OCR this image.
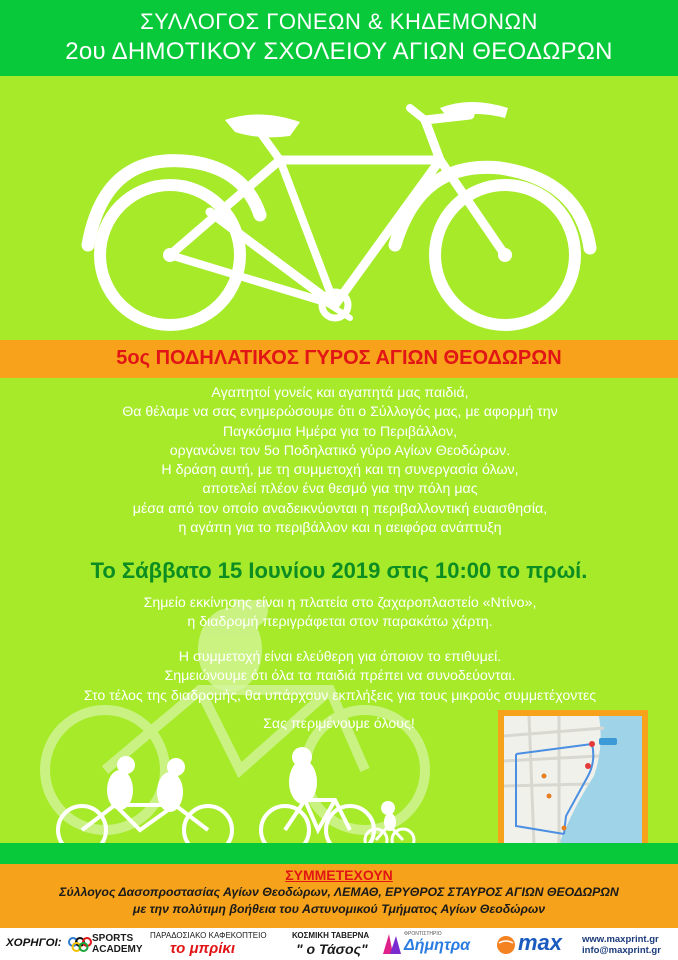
ΣΥΛΛΟΓΟΣ ΓΟΝΕΩΝ & ΚΗΔΕΜΟΝΩΝ
2ου ΔΗΜΟΤΙΚΟΥ ΣΧΟΛΕΙΟΥ ΑΓΙΩΝ ΘΕΟΔΩΡΩΝ
5ος ΠΟΔΗΛΑΤΙΚΟΣ ΓΥΡΟΣ ΑΓΙΩΝ ΘΕΟΔΩΡΩΝ
Αγαπητοί γονείς και αγαπητά μας παιδιά,
Θα θέλαμε να σας ενημερώσουμε ότι ο Σύλλογός μας, με αφορμή την
Παγκόσμια Ημέρα για το Περιβάλλον,
οργανώνει τον 5ο Ποδηλατικό γύρο Αγίων Θεοδώρων.
Η δράση αυτή, με τη συμμετοχή και τη συνεργασία όλων,
αποτελεί πλέον ένα θεσμό για την πόλη μας
μέσα από τον οποίο αναδεικνύονται η περιβαλλοντική ευαισθησία,
η αγάπη για το περιβάλλον και η αειφόρα ανάπτυξη
Το Σάββατο 15 Ιουνίου 2019 στις 10:00 το πρωί.
Σημείο εκκίνησης είναι η πλατεία στο ζαχαροπλαστείο «Ντίνο»,
η διαδρομή περιγράφεται στον παρακάτω χάρτη.
Η συμμετοχή είναι ελεύθερη για όποιον το επιθυμεί.
Σημειώνουμε ότι όλα τα παιδιά πρέπει να συνοδεύονται.
Στο τέλος της διαδρομής, θα υπάρχουν εκπλήξεις για τους μικρούς συμμετέχοντες
Σας περιμένουμε όλους!
ΣΥΜΜΕΤΕΧΟΥΝ
Σύλλογος Δασοπροστασίας Αγίων Θεοδώρων, ΛΕΜΑΘ, ΕΡΥΘΡΟΣ ΣΤΑΥΡΟΣ ΑΓΙΩΝ ΘΕΟΔΩΡΩΝ
με την πολύτιμη βοήθεια του Αστυνομικού Τμήματος Αγίων Θεοδώρων
ΧΟΡΗΓΟΙ:	SPORTS
ACADEMY
ΠΑΡΑΔΟΣΙΑΚΟ ΚΑΦΕΚΟΠΤΕΙΟ
το μπρίκι
ΚΟΣΜΙΚΗ ΤΑΒΕΡΝΑ
" ο Τάσος"
ΦΡΟΝΤΙΣΤΗΡΙΟ
Δήμητρα max www.maxprint.gr
info@maxprint.gr
